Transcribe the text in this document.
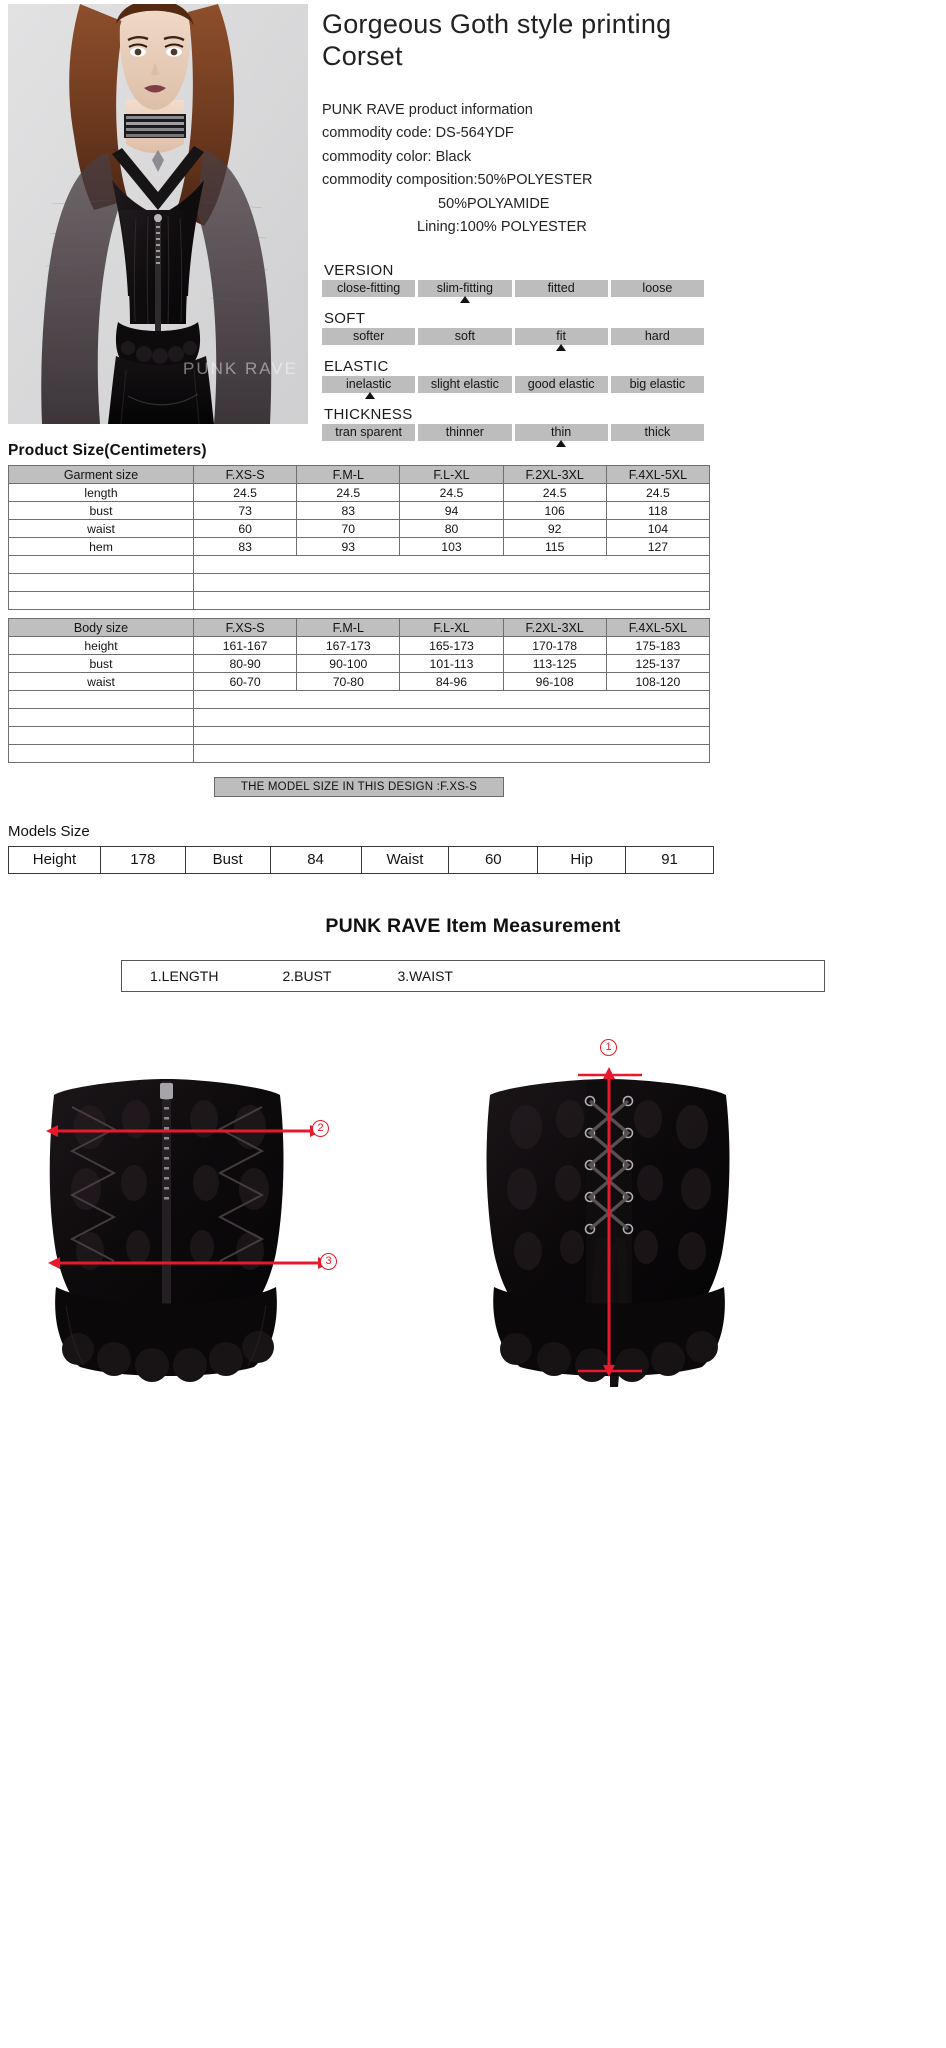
PUNK RAVE
Gorgeous Goth style printing Corset
PUNK RAVE product information
commodity code: DS-564YDF
commodity color: Black
commodity composition:50%POLYESTER
50%POLYAMIDE
Lining:100% POLYESTER
VERSION
close-fitting	slim-fitting	fitted	loose
SOFT
softer	soft	fit	hard
ELASTIC
inelastic	slight elastic	good elastic	big elastic
THICKNESS
tran sparent	thinner	thin	thick
Product Size(Centimeters)
Garment size	F.XS-S	F.M-L	F.L-XL	F.2XL-3XL	F.4XL-5XL
length	24.5	24.5	24.5	24.5	24.5
bust	73	83	94	106	118
waist	60	70	80	92	104
hem	83	93	103	115	127

Body size	F.XS-S	F.M-L	F.L-XL	F.2XL-3XL	F.4XL-5XL
height	161-167	167-173	165-173	170-178	175-183
bust	80-90	90-100	101-113	113-125	125-137
waist	60-70	70-80	84-96	96-108	108-120

THE MODEL SIZE IN THIS DESIGN :F.XS-S
Models Size
Height	178	Bust	84	Waist	60	Hip	91
PUNK RAVE Item Measurement
1.LENGTH	2.BUST	3.WAIST
2
3
1
